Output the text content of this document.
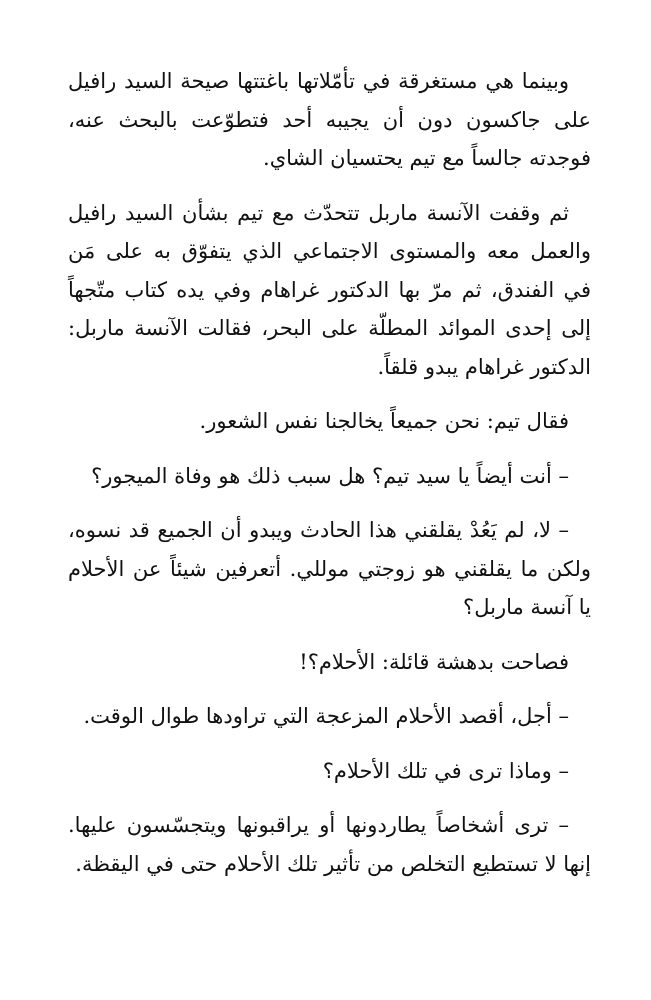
وبينما هي مستغرقة في تأمّلاتها باغتتها صيحة السيد رافيل على جاكسون دون أن يجيبه أحد فتطوّعت بالبحث عنه، فوجدته جالساً مع تيم يحتسيان الشاي.

ثم وقفت الآنسة ماربل تتحدّث مع تيم بشأن السيد رافيل والعمل معه والمستوى الاجتماعي الذي يتفوّق به على مَن في الفندق، ثم مرّ بها الدكتور غراهام وفي يده كتاب متّجهاً إلى إحدى الموائد المطلّة على البحر، فقالت الآنسة ماربل: الدكتور غراهام يبدو قلقاً.

فقال تيم: نحن جميعاً يخالجنا نفس الشعور.

– أنت أيضاً يا سيد تيم؟ هل سبب ذلك هو وفاة الميجور؟

– لا، لم يَعُدْ يقلقني هذا الحادث ويبدو أن الجميع قد نسوه، ولكن ما يقلقني هو زوجتي موللي. أتعرفين شيئاً عن الأحلام يا آنسة ماربل؟

فصاحت بدهشة قائلة: الأحلام؟!

– أجل، أقصد الأحلام المزعجة التي تراودها طوال الوقت.

– وماذا ترى في تلك الأحلام؟

– ترى أشخاصاً يطاردونها أو يراقبونها ويتجسّسون عليها. إنها لا تستطيع التخلص من تأثير تلك الأحلام حتى في اليقظة.
